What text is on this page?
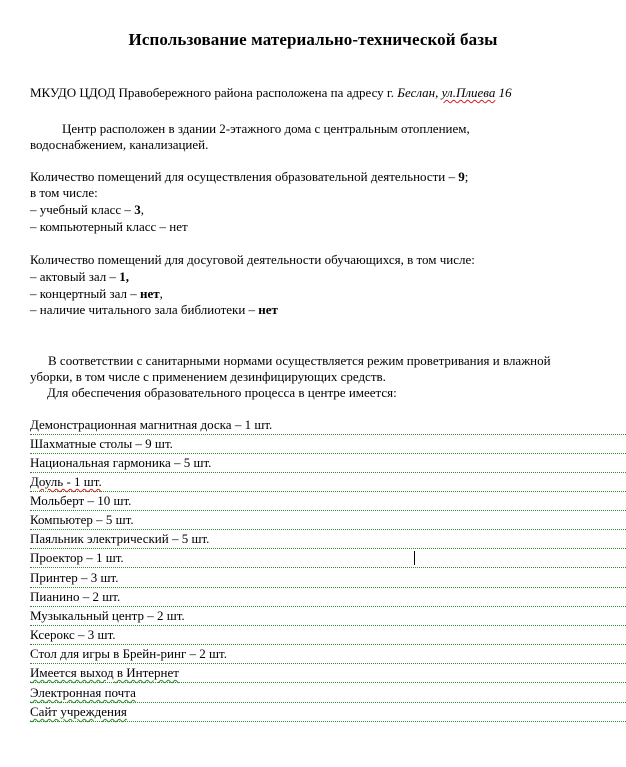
Использование материально-технической базы
МКУДО ЦДОД Правобережного района расположена па адресу г. Беслан, ул.Плиева 16
Центр расположен в здании 2-этажного дома с центральным отоплением,
водоснабжением, канализацией.
Количество помещений для осуществления образовательной деятельности – 9;
в том числе:
– учебный класс – 3,
– компьютерный класс – нет
Количество помещений для досуговой деятельности обучающихся, в том числе:
– актовый зал – 1,
– концертный зал – нет,
– наличие читального зала библиотеки – нет
В соответствии с санитарными нормами осуществляется режим проветривания и влажной
уборки, в том числе с применением дезинфицирующих средств.
Для обеспечения образовательного процесса в центре имеется:
Демонстрационная магнитная доска – 1 шт.
Шахматные столы – 9 шт.
Национальная гармоника – 5 шт.
Доуль - 1 шт.
Мольберт – 10 шт.
Компьютер – 5 шт.
Паяльник электрический – 5 шт.
Проектор – 1 шт.
Принтер – 3 шт.
Пианино – 2 шт.
Музыкальный центр – 2 шт.
Ксерокс – 3 шт.
Стол для игры в Брейн-ринг – 2 шт.
Имеется выход в Интернет
Электронная почта
Сайт учреждения
